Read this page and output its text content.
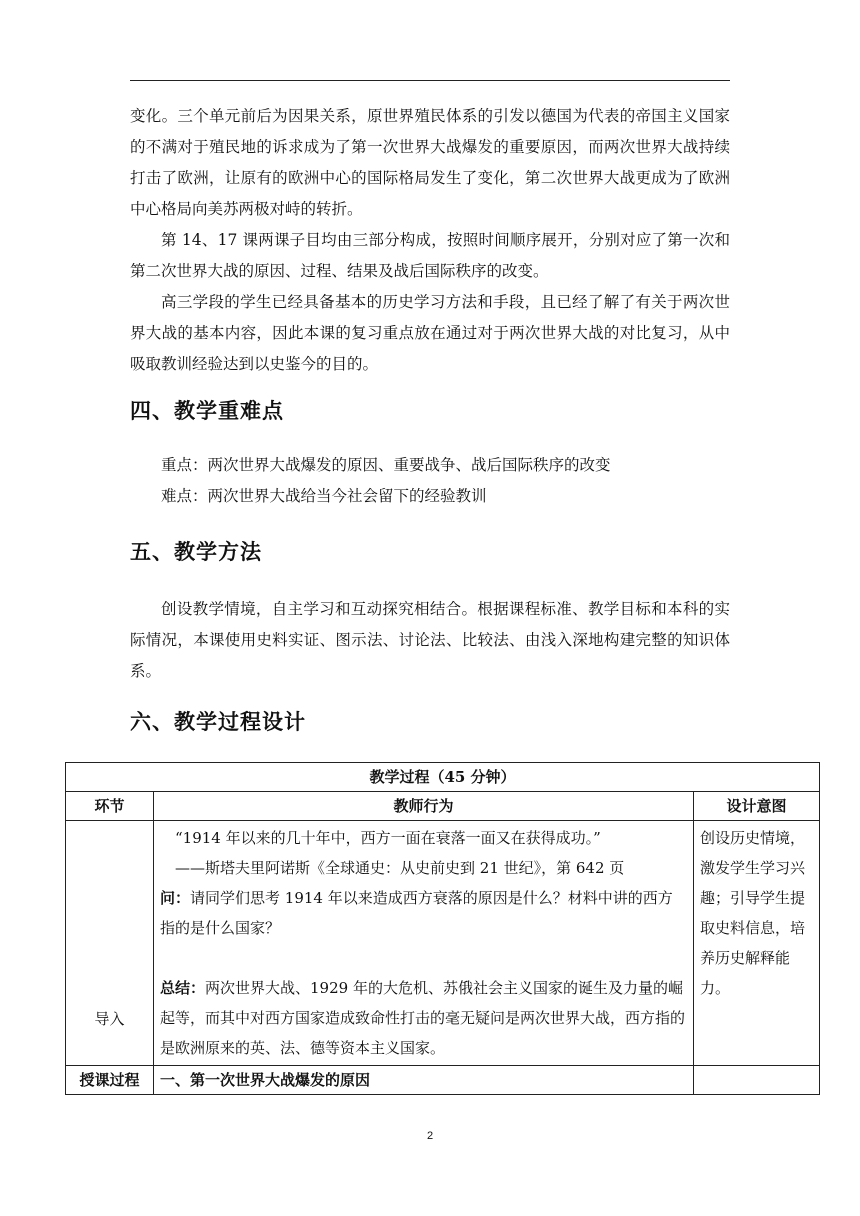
变化。三个单元前后为因果关系，原世界殖民体系的引发以德国为代表的帝国主义国家的不满对于殖民地的诉求成为了第一次世界大战爆发的重要原因，而两次世界大战持续打击了欧洲，让原有的欧洲中心的国际格局发生了变化，第二次世界大战更成为了欧洲中心格局向美苏两极对峙的转折。

第 14、17 课两课子目均由三部分构成，按照时间顺序展开，分别对应了第一次和第二次世界大战的原因、过程、结果及战后国际秩序的改变。

高三学段的学生已经具备基本的历史学习方法和手段，且已经了解了有关于两次世界大战的基本内容，因此本课的复习重点放在通过对于两次世界大战的对比复习，从中吸取教训经验达到以史鉴今的目的。

四、教学重难点

重点：两次世界大战爆发的原因、重要战争、战后国际秩序的改变

难点：两次世界大战给当今社会留下的经验教训

五、教学方法

创设教学情境，自主学习和互动探究相结合。根据课程标准、教学目标和本科的实际情况，本课使用史料实证、图示法、讨论法、比较法、由浅入深地构建完整的知识体系。

六、教学过程设计
教学过程（45 分钟）		
环节	教师行为	设计意图
导入	“1914 年以来的几十年中，西方一面在衰落一面又在获得成功。”
——斯塔夫里阿诺斯《全球通史：从史前史到 21 世纪》，第 642 页
问：请同学们思考 1914 年以来造成西方衰落的原因是什么？材料中讲的西方指的是什么国家？
总结：两次世界大战、1929 年的大危机、苏俄社会主义国家的诞生及力量的崛起等，而其中对西方国家造成致命性打击的毫无疑问是两次世界大战，西方指的是欧洲原来的英、法、德等资本主义国家。	创设历史情境，激发学生学习兴趣；引导学生提取史料信息，培养历史解释能力。
授课过程	一、第一次世界大战爆发的原因	
2
